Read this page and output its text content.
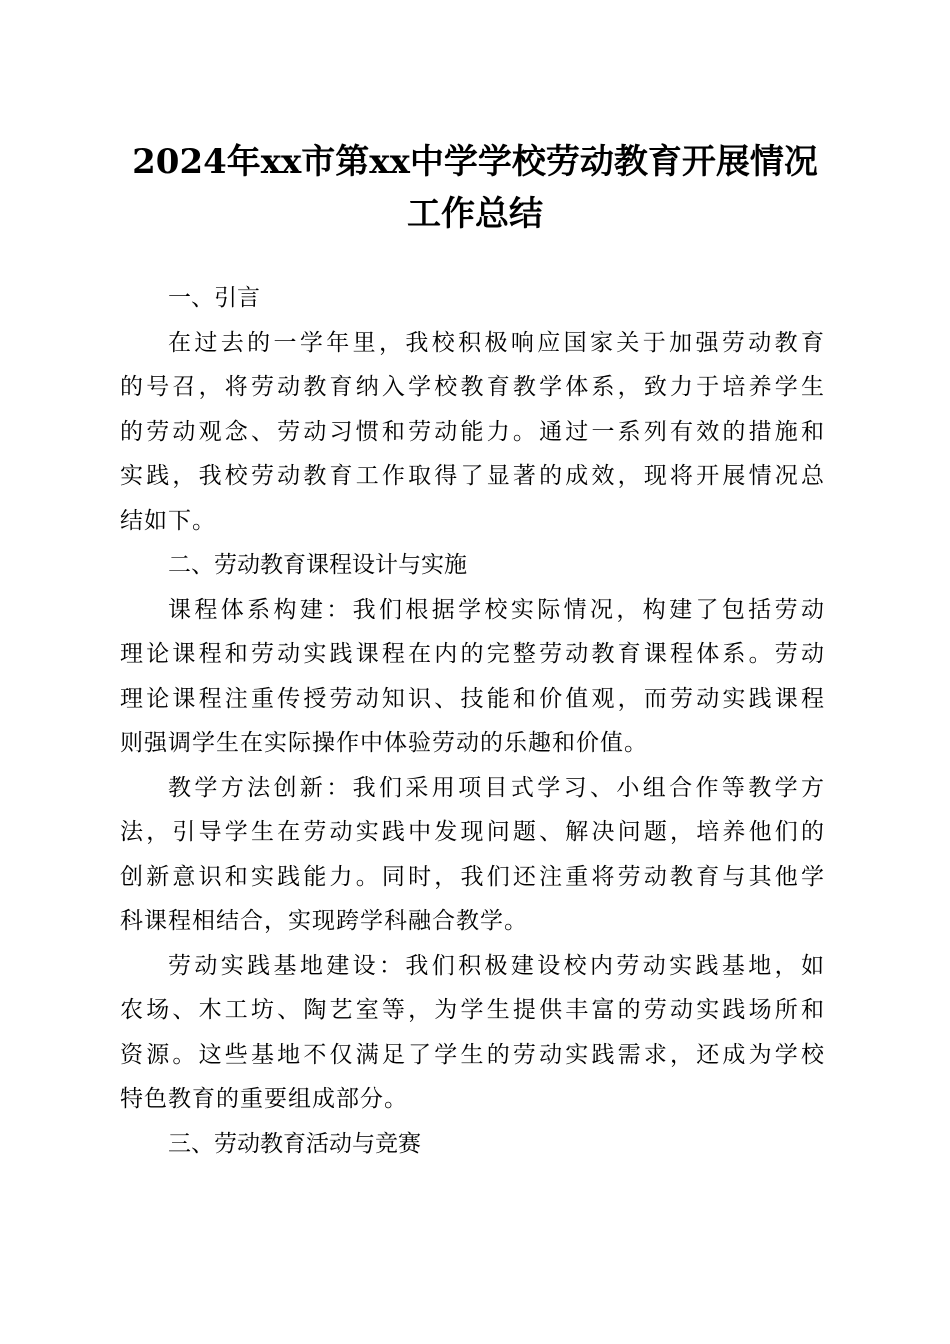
2024年xx市第xx中学学校劳动教育开展情况
工作总结
一、引言

在过去的一学年里，我校积极响应国家关于加强劳动教育
的号召，将劳动教育纳入学校教育教学体系，致力于培养学生
的劳动观念、劳动习惯和劳动能力。通过一系列有效的措施和
实践，我校劳动教育工作取得了显著的成效，现将开展情况总
结如下。

二、劳动教育课程设计与实施

课程体系构建：我们根据学校实际情况，构建了包括劳动
理论课程和劳动实践课程在内的完整劳动教育课程体系。劳动
理论课程注重传授劳动知识、技能和价值观，而劳动实践课程
则强调学生在实际操作中体验劳动的乐趣和价值。

教学方法创新：我们采用项目式学习、小组合作等教学方
法，引导学生在劳动实践中发现问题、解决问题，培养他们的
创新意识和实践能力。同时，我们还注重将劳动教育与其他学
科课程相结合，实现跨学科融合教学。

劳动实践基地建设：我们积极建设校内劳动实践基地，如
农场、木工坊、陶艺室等，为学生提供丰富的劳动实践场所和
资源。这些基地不仅满足了学生的劳动实践需求，还成为学校
特色教育的重要组成部分。

三、劳动教育活动与竞赛
